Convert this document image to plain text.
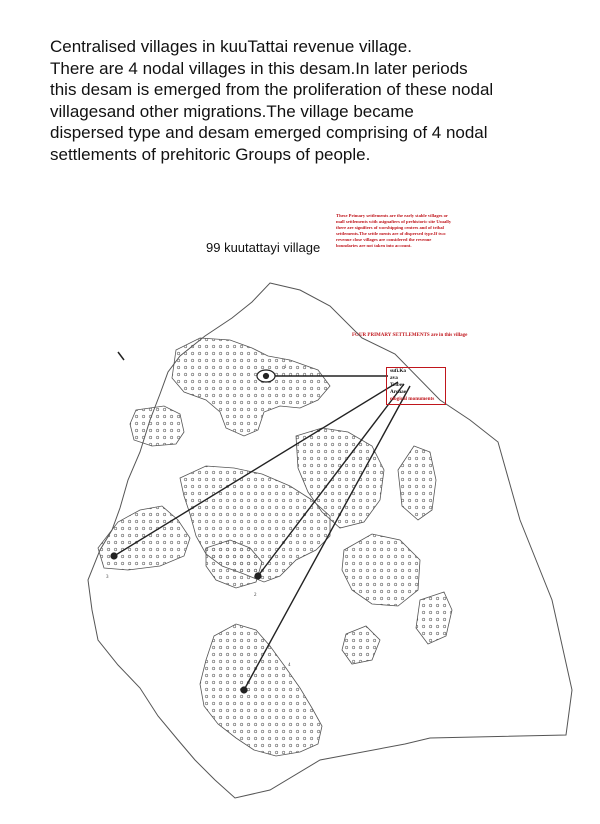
Centralised villages in kuuTattai revenue village.
There are 4 nodal villages in this desam.In later periods
this desam is emerged from the proliferation of these nodal
villagesand other migrations.The village became
dispersed type and desam emerged comprising of 4 nodal
settlements of prehitoric Groups of people.
These Primary settlements are the early stable villages or
mall settlements with asignafiers of prehistoric site Usually
there are signifiers of worshipping centres and of tribal
settlements.The settle ments are of dispersed type.If two
revenue close villages are considered the revenue
boundaries are not taken into account.
99 kuutattayi village
FOUR PRIMARY SETTLEMENTS are in this village
1
2
3
4
sufi.Ka
ava
Tribes
Archae
ological monuments
